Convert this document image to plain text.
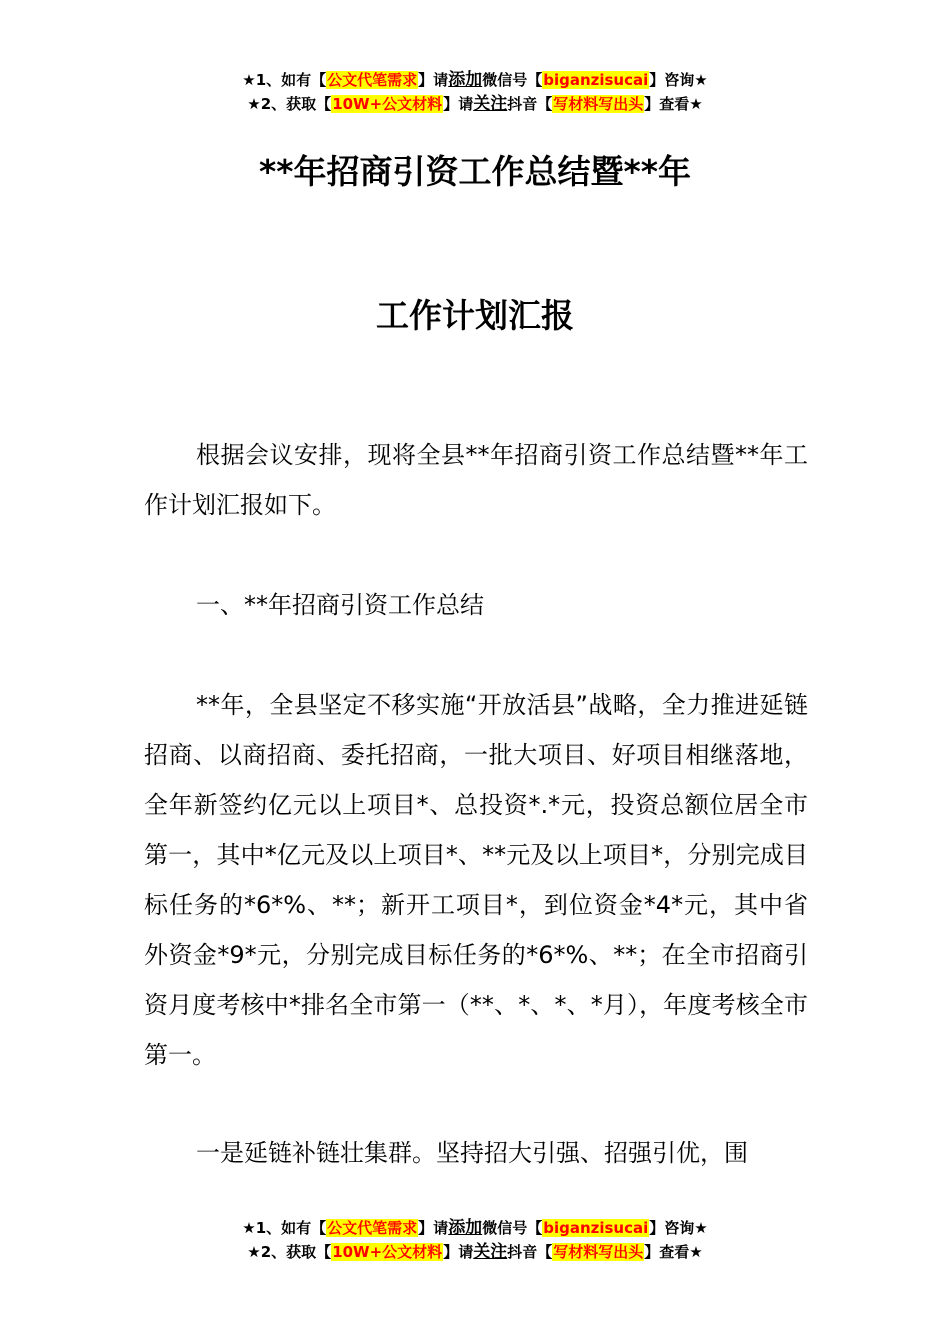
★1、如有【公文代笔需求】请添加微信号【biganzisucai】咨询★
★2、获取【10W+公文材料】请关注抖音【写材料写出头】查看★
**年招商引资工作总结暨**年
工作计划汇报
根据会议安排，现将全县**年招商引资工作总结暨**年工作计划汇报如下。
一、**年招商引资工作总结
**年，全县坚定不移实施“开放活县”战略，全力推进延链招商、以商招商、委托招商，一批大项目、好项目相继落地，全年新签约亿元以上项目*、总投资*.*元，投资总额位居全市第一，其中*亿元及以上项目*、**元及以上项目*，分别完成目标任务的*6*%、**；新开工项目*，到位资金*4*元，其中省外资金*9*元，分别完成目标任务的*6*%、**；在全市招商引资月度考核中*排名全市第一（**、*、*、*月），年度考核全市第一。
一是延链补链壮集群。坚持招大引强、招强引优，围
★1、如有【公文代笔需求】请添加微信号【biganzisucai】咨询★
★2、获取【10W+公文材料】请关注抖音【写材料写出头】查看★
